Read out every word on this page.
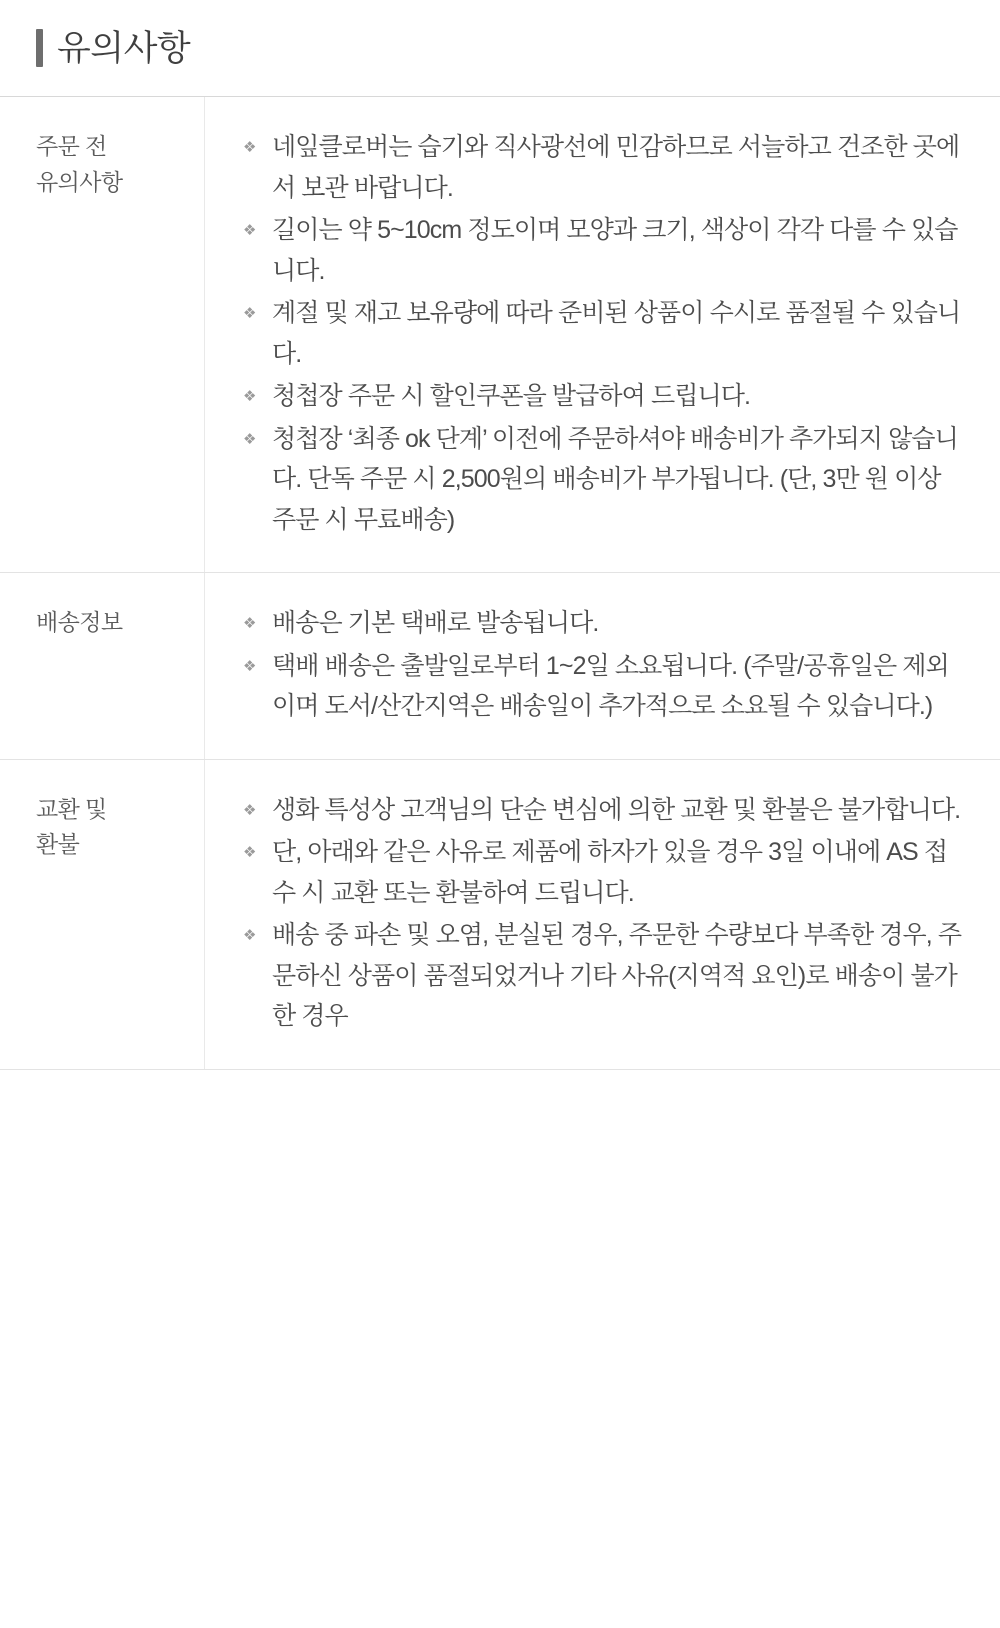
유의사항
주문 전
유의사항
❖ 네잎클로버는 습기와 직사광선에 민감하므로 서늘하고 건조한 곳에서 보관 바랍니다.
❖ 길이는 약 5~10cm 정도이며 모양과 크기, 색상이 각각 다를 수 있습니다.
❖ 계절 및 재고 보유량에 따라 준비된 상품이 수시로 품절될 수 있습니다.
❖ 청첩장 주문 시 할인쿠폰을 발급하여 드립니다.
❖ 청첩장 ‘최종 ok 단계’ 이전에 주문하셔야 배송비가 추가되지 않습니다. 단독 주문 시 2,500원의 배송비가 부가됩니다. (단, 3만 원 이상 주문 시 무료배송)
배송정보	❖ 배송은 기본 택배로 발송됩니다.
❖ 택배 배송은 출발일로부터 1~2일 소요됩니다. (주말/공휴일은 제외이며 도서/산간지역은 배송일이 추가적으로 소요될 수 있습니다.)
교환 및
환불
❖ 생화 특성상 고객님의 단순 변심에 의한 교환 및 환불은 불가합니다.
❖ 단, 아래와 같은 사유로 제품에 하자가 있을 경우 3일 이내에 AS 접수 시 교환 또는 환불하여 드립니다.
❖ 배송 중 파손 및 오염, 분실된 경우, 주문한 수량보다 부족한 경우, 주문하신 상품이 품절되었거나 기타 사유(지역적 요인)로 배송이 불가한 경우
